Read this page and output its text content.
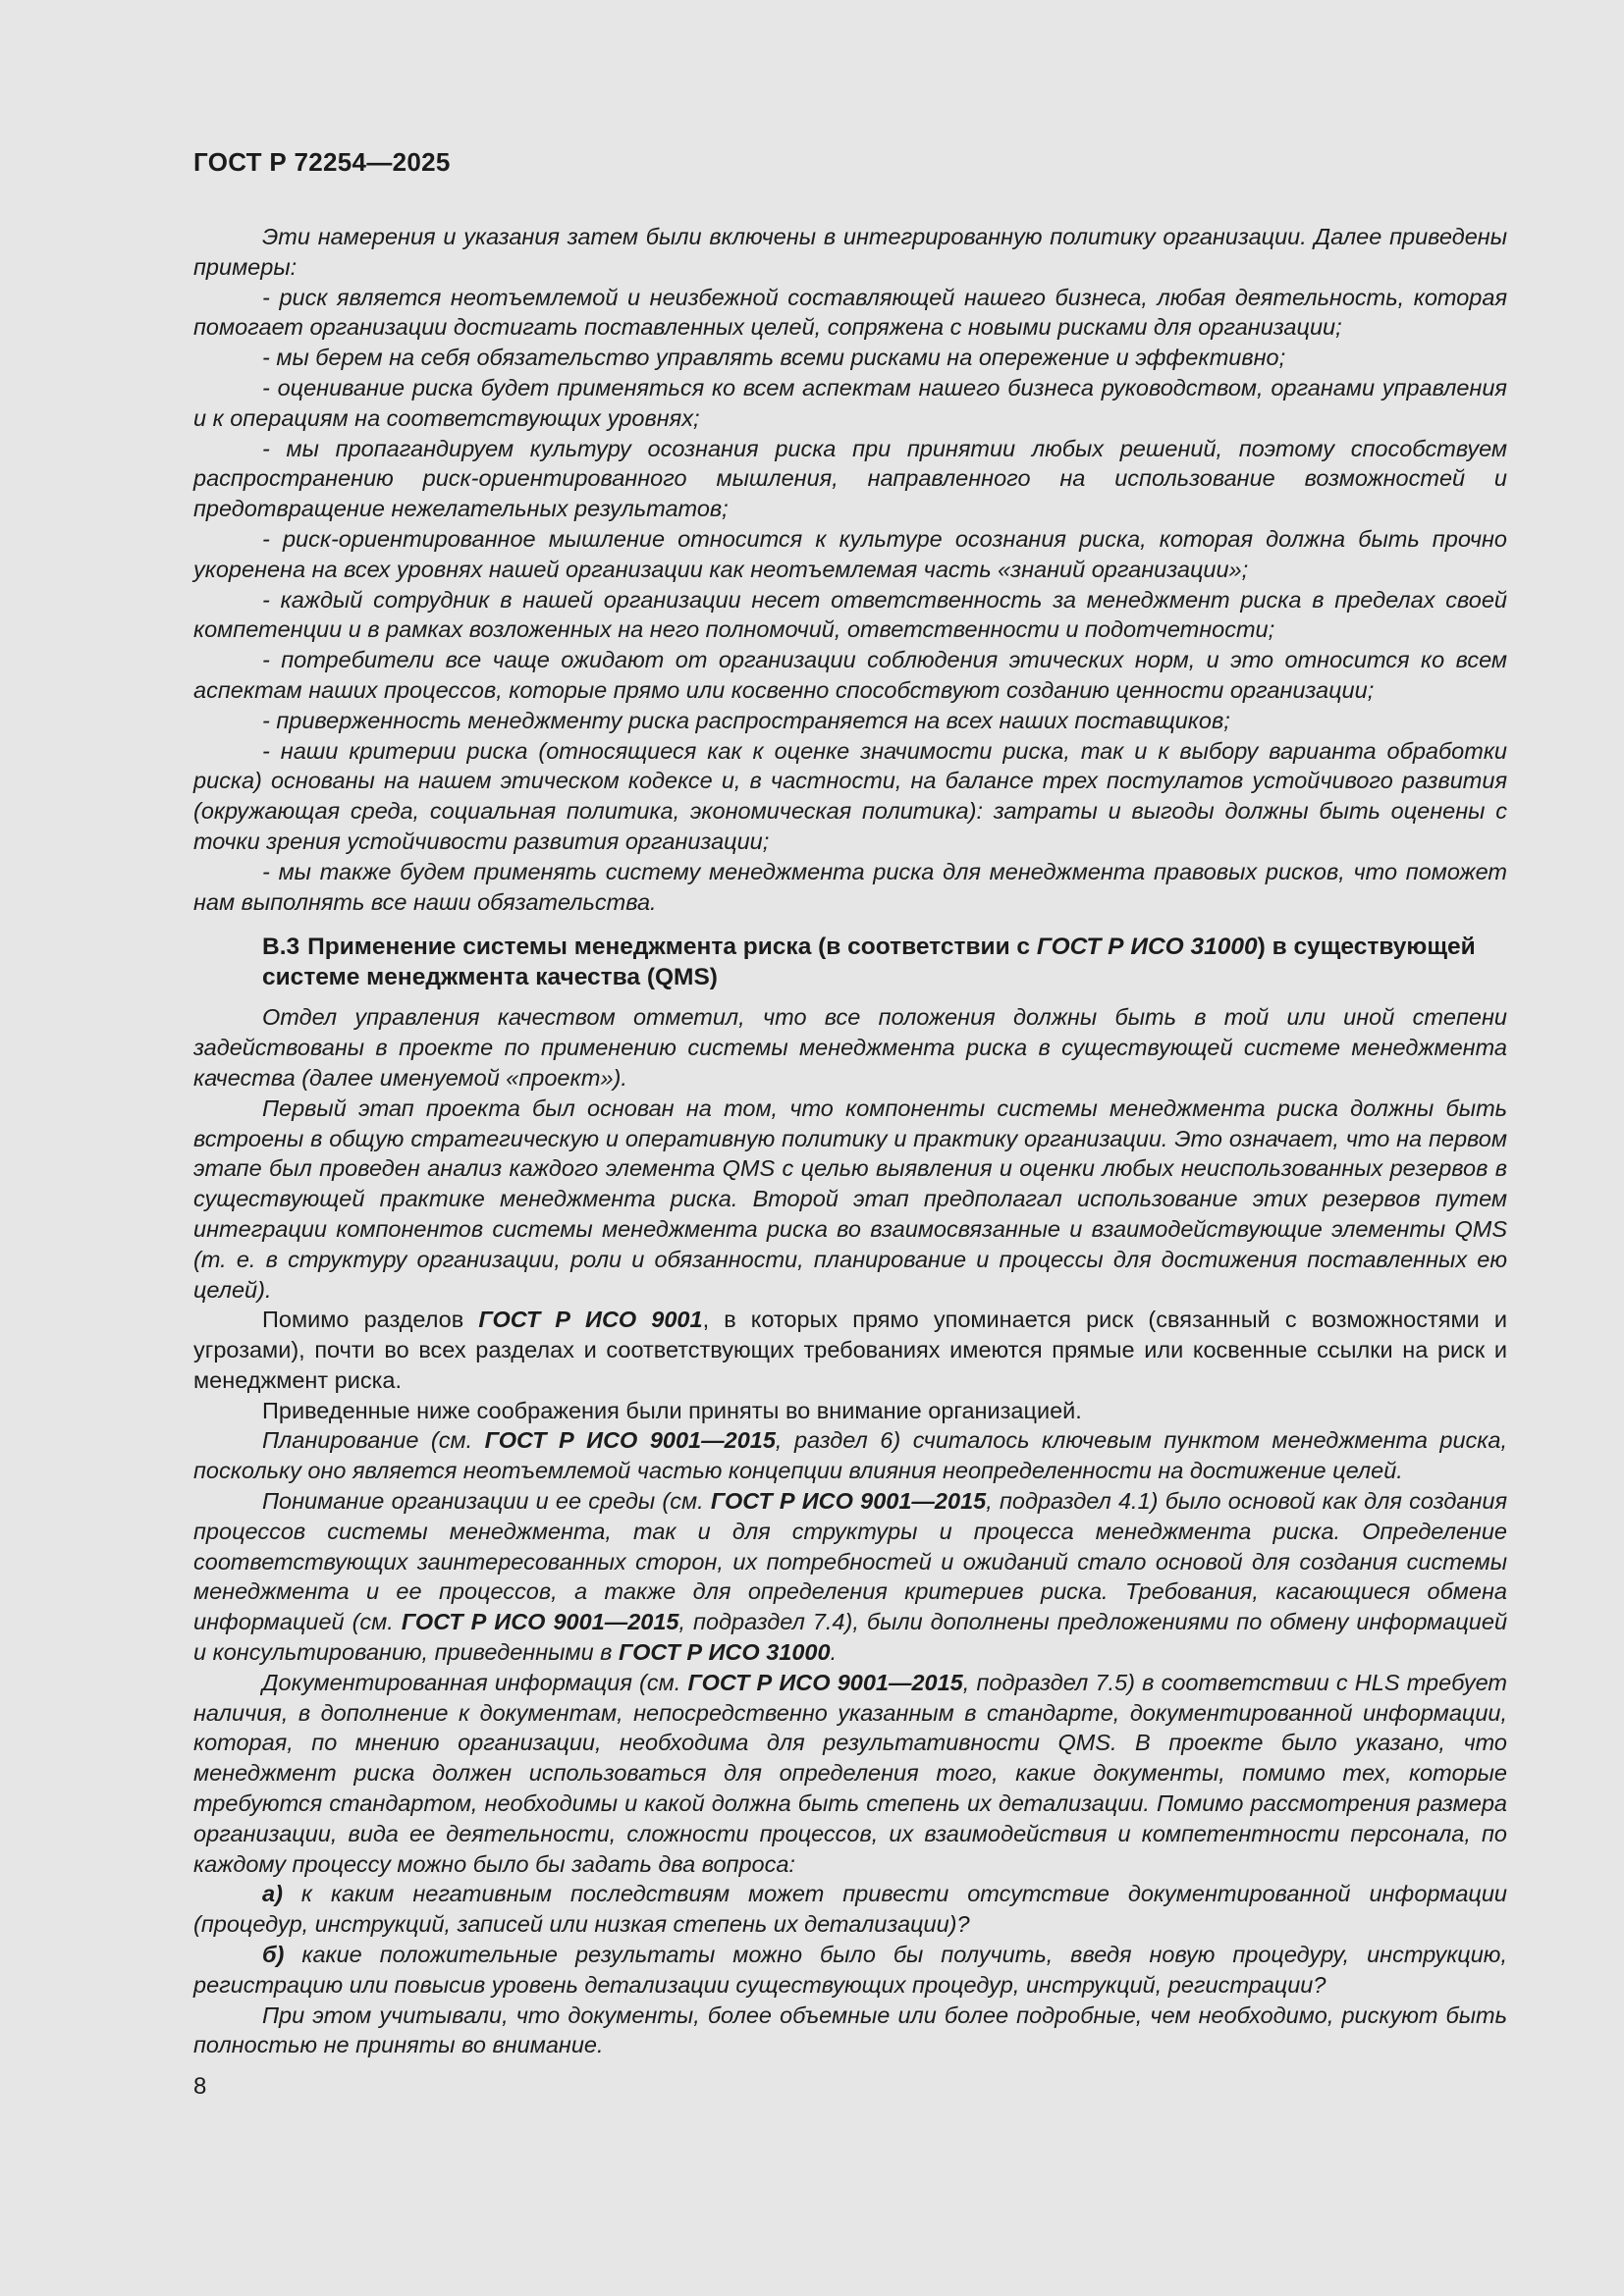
ГОСТ Р 72254—2025

Эти намерения и указания затем были включены в интегрированную политику организации. Далее приведены примеры:

- риск является неотъемлемой и неизбежной составляющей нашего бизнеса, любая деятельность, которая помогает организации достигать поставленных целей, сопряжена с новыми рисками для организации;

- мы берем на себя обязательство управлять всеми рисками на опережение и эффективно;

- оценивание риска будет применяться ко всем аспектам нашего бизнеса руководством, органами управления и к операциям на соответствующих уровнях;

- мы пропагандируем культуру осознания риска при принятии любых решений, поэтому способствуем распространению риск-ориентированного мышления, направленного на использование возможностей и предотвращение нежелательных результатов;

- риск-ориентированное мышление относится к культуре осознания риска, которая должна быть прочно укоренена на всех уровнях нашей организации как неотъемлемая часть «знаний организации»;

- каждый сотрудник в нашей организации несет ответственность за менеджмент риска в пределах своей компетенции и в рамках возложенных на него полномочий, ответственности и подотчетности;

- потребители все чаще ожидают от организации соблюдения этических норм, и это относится ко всем аспектам наших процессов, которые прямо или косвенно способствуют созданию ценности организации;

- приверженность менеджменту риска распространяется на всех наших поставщиков;

- наши критерии риска (относящиеся как к оценке значимости риска, так и к выбору варианта обработки риска) основаны на нашем этическом кодексе и, в частности, на балансе трех постулатов устойчивого развития (окружающая среда, социальная политика, экономическая политика): затраты и выгоды должны быть оценены с точки зрения устойчивости развития организации;

- мы также будем применять систему менеджмента риска для менеджмента правовых рисков, что поможет нам выполнять все наши обязательства.

В.3 Применение системы менеджмента риска (в соответствии с ГОСТ Р ИСО 31000) в существующей системе менеджмента качества (QMS)

Отдел управления качеством отметил, что все положения должны быть в той или иной степени задействованы в проекте по применению системы менеджмента риска в существующей системе менеджмента качества (далее именуемой «проект»).

Первый этап проекта был основан на том, что компоненты системы менеджмента риска должны быть встроены в общую стратегическую и оперативную политику и практику организации. Это означает, что на первом этапе был проведен анализ каждого элемента QMS с целью выявления и оценки любых неиспользованных резервов в существующей практике менеджмента риска. Второй этап предполагал использование этих резервов путем интеграции компонентов системы менеджмента риска во взаимосвязанные и взаимодействующие элементы QMS (т. е. в структуру организации, роли и обязанности, планирование и процессы для достижения поставленных ею целей).

Помимо разделов ГОСТ Р ИСО 9001, в которых прямо упоминается риск (связанный с возможностями и угрозами), почти во всех разделах и соответствующих требованиях имеются прямые или косвенные ссылки на риск и менеджмент риска.

Приведенные ниже соображения были приняты во внимание организацией.

Планирование (см. ГОСТ Р ИСО 9001—2015, раздел 6) считалось ключевым пунктом менеджмента риска, поскольку оно является неотъемлемой частью концепции влияния неопределенности на достижение целей.

Понимание организации и ее среды (см. ГОСТ Р ИСО 9001—2015, подраздел 4.1) было основой как для создания процессов системы менеджмента, так и для структуры и процесса менеджмента риска. Определение соответствующих заинтересованных сторон, их потребностей и ожиданий стало основой для создания системы менеджмента и ее процессов, а также для определения критериев риска. Требования, касающиеся обмена информацией (см. ГОСТ Р ИСО 9001—2015, подраздел 7.4), были дополнены предложениями по обмену информацией и консультированию, приведенными в ГОСТ Р ИСО 31000.

Документированная информация (см. ГОСТ Р ИСО 9001—2015, подраздел 7.5) в соответствии с HLS требует наличия, в дополнение к документам, непосредственно указанным в стандарте, документированной информации, которая, по мнению организации, необходима для результативности QMS. В проекте было указано, что менеджмент риска должен использоваться для определения того, какие документы, помимо тех, которые требуются стандартом, необходимы и какой должна быть степень их детализации. Помимо рассмотрения размера организации, вида ее деятельности, сложности процессов, их взаимодействия и компетентности персонала, по каждому процессу можно было бы задать два вопроса:

а) к каким негативным последствиям может привести отсутствие документированной информации (процедур, инструкций, записей или низкая степень их детализации)?

б) какие положительные результаты можно было бы получить, введя новую процедуру, инструкцию, регистрацию или повысив уровень детализации существующих процедур, инструкций, регистрации?

При этом учитывали, что документы, более объемные или более подробные, чем необходимо, рискуют быть полностью не приняты во внимание.

8
